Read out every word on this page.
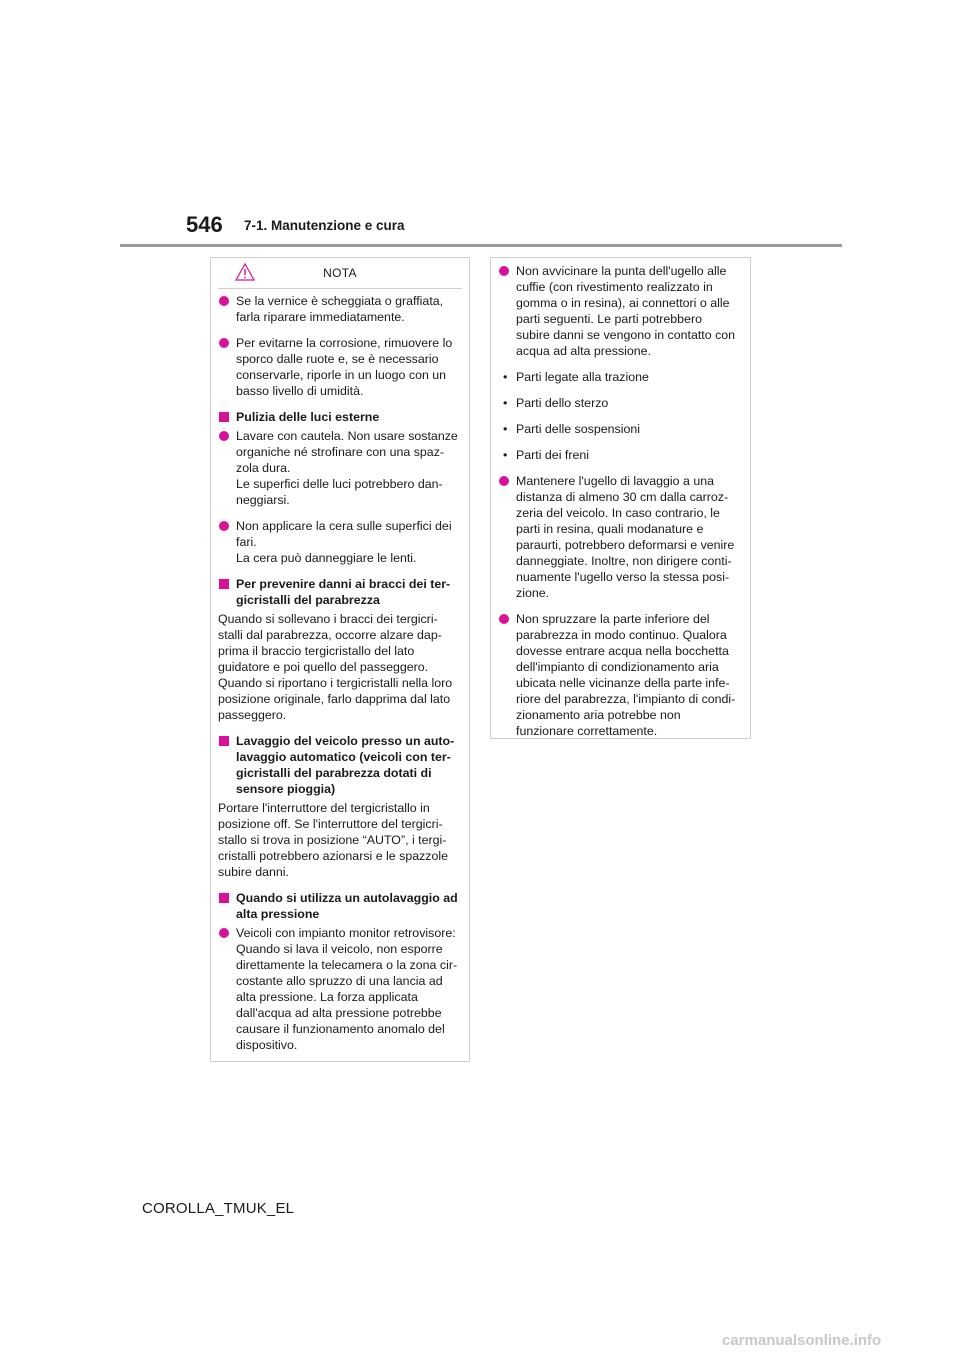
546 7-1. Manutenzione e cura
NOTA
Se la vernice è scheggiata o graffiata,
farla riparare immediatamente.
Per evitarne la corrosione, rimuovere lo
sporco dalle ruote e, se è necessario
conservarle, riporle in un luogo con un
basso livello di umidità.
Pulizia delle luci esterne
Lavare con cautela. Non usare sostanze
organiche né strofinare con una spaz-
zola dura.
Le superfici delle luci potrebbero dan-
neggiarsi.
Non applicare la cera sulle superfici dei
fari.
La cera può danneggiare le lenti.
Per prevenire danni ai bracci dei ter-
gicristalli del parabrezza
Quando si sollevano i bracci dei tergicri-
stalli dal parabrezza, occorre alzare dap-
prima il braccio tergicristallo del lato
guidatore e poi quello del passeggero.
Quando si riportano i tergicristalli nella loro
posizione originale, farlo dapprima dal lato
passeggero.
Lavaggio del veicolo presso un auto-
lavaggio automatico (veicoli con ter-
gicristalli del parabrezza dotati di
sensore pioggia)
Portare l'interruttore del tergicristallo in
posizione off. Se l'interruttore del tergicri-
stallo si trova in posizione “AUTO”, i tergi-
cristalli potrebbero azionarsi e le spazzole
subire danni.
Quando si utilizza un autolavaggio ad
alta pressione
Veicoli con impianto monitor retrovisore:
Quando si lava il veicolo, non esporre
direttamente la telecamera o la zona cir-
costante allo spruzzo di una lancia ad
alta pressione. La forza applicata
dall'acqua ad alta pressione potrebbe
causare il funzionamento anomalo del
dispositivo.
Non avvicinare la punta dell'ugello alle
cuffie (con rivestimento realizzato in
gomma o in resina), ai connettori o alle
parti seguenti. Le parti potrebbero
subire danni se vengono in contatto con
acqua ad alta pressione.
• Parti legate alla trazione
• Parti dello sterzo
• Parti delle sospensioni
• Parti dei freni
Mantenere l'ugello di lavaggio a una
distanza di almeno 30 cm dalla carroz-
zeria del veicolo. In caso contrario, le
parti in resina, quali modanature e
paraurti, potrebbero deformarsi e venire
danneggiate. Inoltre, non dirigere conti-
nuamente l'ugello verso la stessa posi-
zione.
Non spruzzare la parte inferiore del
parabrezza in modo continuo. Qualora
dovesse entrare acqua nella bocchetta
dell'impianto di condizionamento aria
ubicata nelle vicinanze della parte infe-
riore del parabrezza, l'impianto di condi-
zionamento aria potrebbe non
funzionare correttamente.
COROLLA_TMUK_EL
carmanualsonline.info
